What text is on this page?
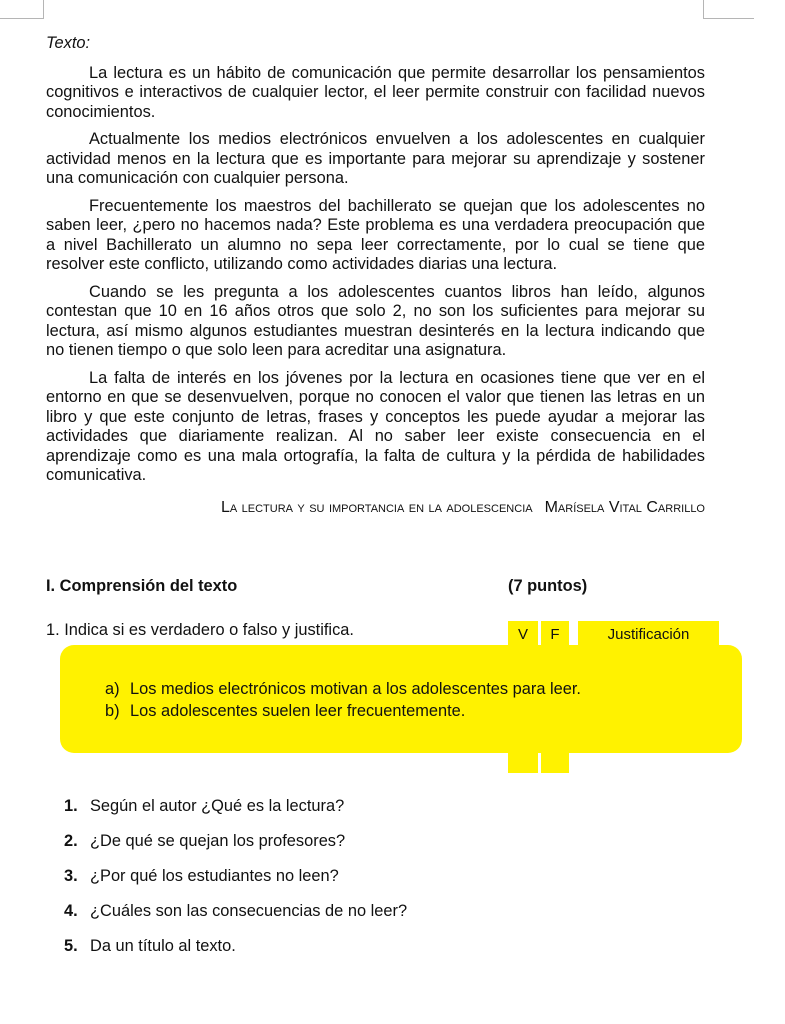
Texto:

La lectura es un hábito de comunicación que permite desarrollar los pensamientos cognitivos e interactivos de cualquier lector, el leer permite construir con facilidad nuevos conocimientos.

Actualmente los medios electrónicos envuelven a los adolescentes en cualquier actividad menos en la lectura que es importante para mejorar su aprendizaje y sostener una comunicación con cualquier persona.

Frecuentemente los maestros del bachillerato se quejan que los adolescentes no saben leer, ¿pero no hacemos nada? Este problema es una verdadera preocupación que a nivel Bachillerato un alumno no sepa leer correctamente, por lo cual se tiene que resolver este conflicto, utilizando como actividades diarias una lectura.

Cuando se les pregunta a los adolescentes cuantos libros han leído, algunos contestan que 10 en 16 años otros que solo 2, no son los suficientes para mejorar su lectura, así mismo algunos estudiantes muestran desinterés en la lectura indicando que no tienen tiempo o que solo leen para acreditar una asignatura.

La falta de interés en los jóvenes por la lectura en ocasiones tiene que ver en el entorno en que se desenvuelven, porque no conocen el valor que tienen las letras en un libro y que este conjunto de letras, frases y conceptos les puede ayudar a mejorar las actividades que diariamente realizan. Al no saber leer existe consecuencia en el aprendizaje como es una mala ortografía, la falta de cultura y la pérdida de habilidades comunicativa.

La lectura y su importancia en la adolescencia Marísela Vital Carrillo
I. Comprensión del texto	(7 puntos)
1. Indica si es verdadero o falso y justifica.	V	F	Justificación
a) Los medios electrónicos motivan a los adolescentes para leer.
b) Los adolescentes suelen leer frecuentemente.
1. Según el autor ¿Qué es la lectura?
2. ¿De qué se quejan los profesores?
3. ¿Por qué los estudiantes no leen?
4. ¿Cuáles son las consecuencias de no leer?
5. Da un título al texto.
